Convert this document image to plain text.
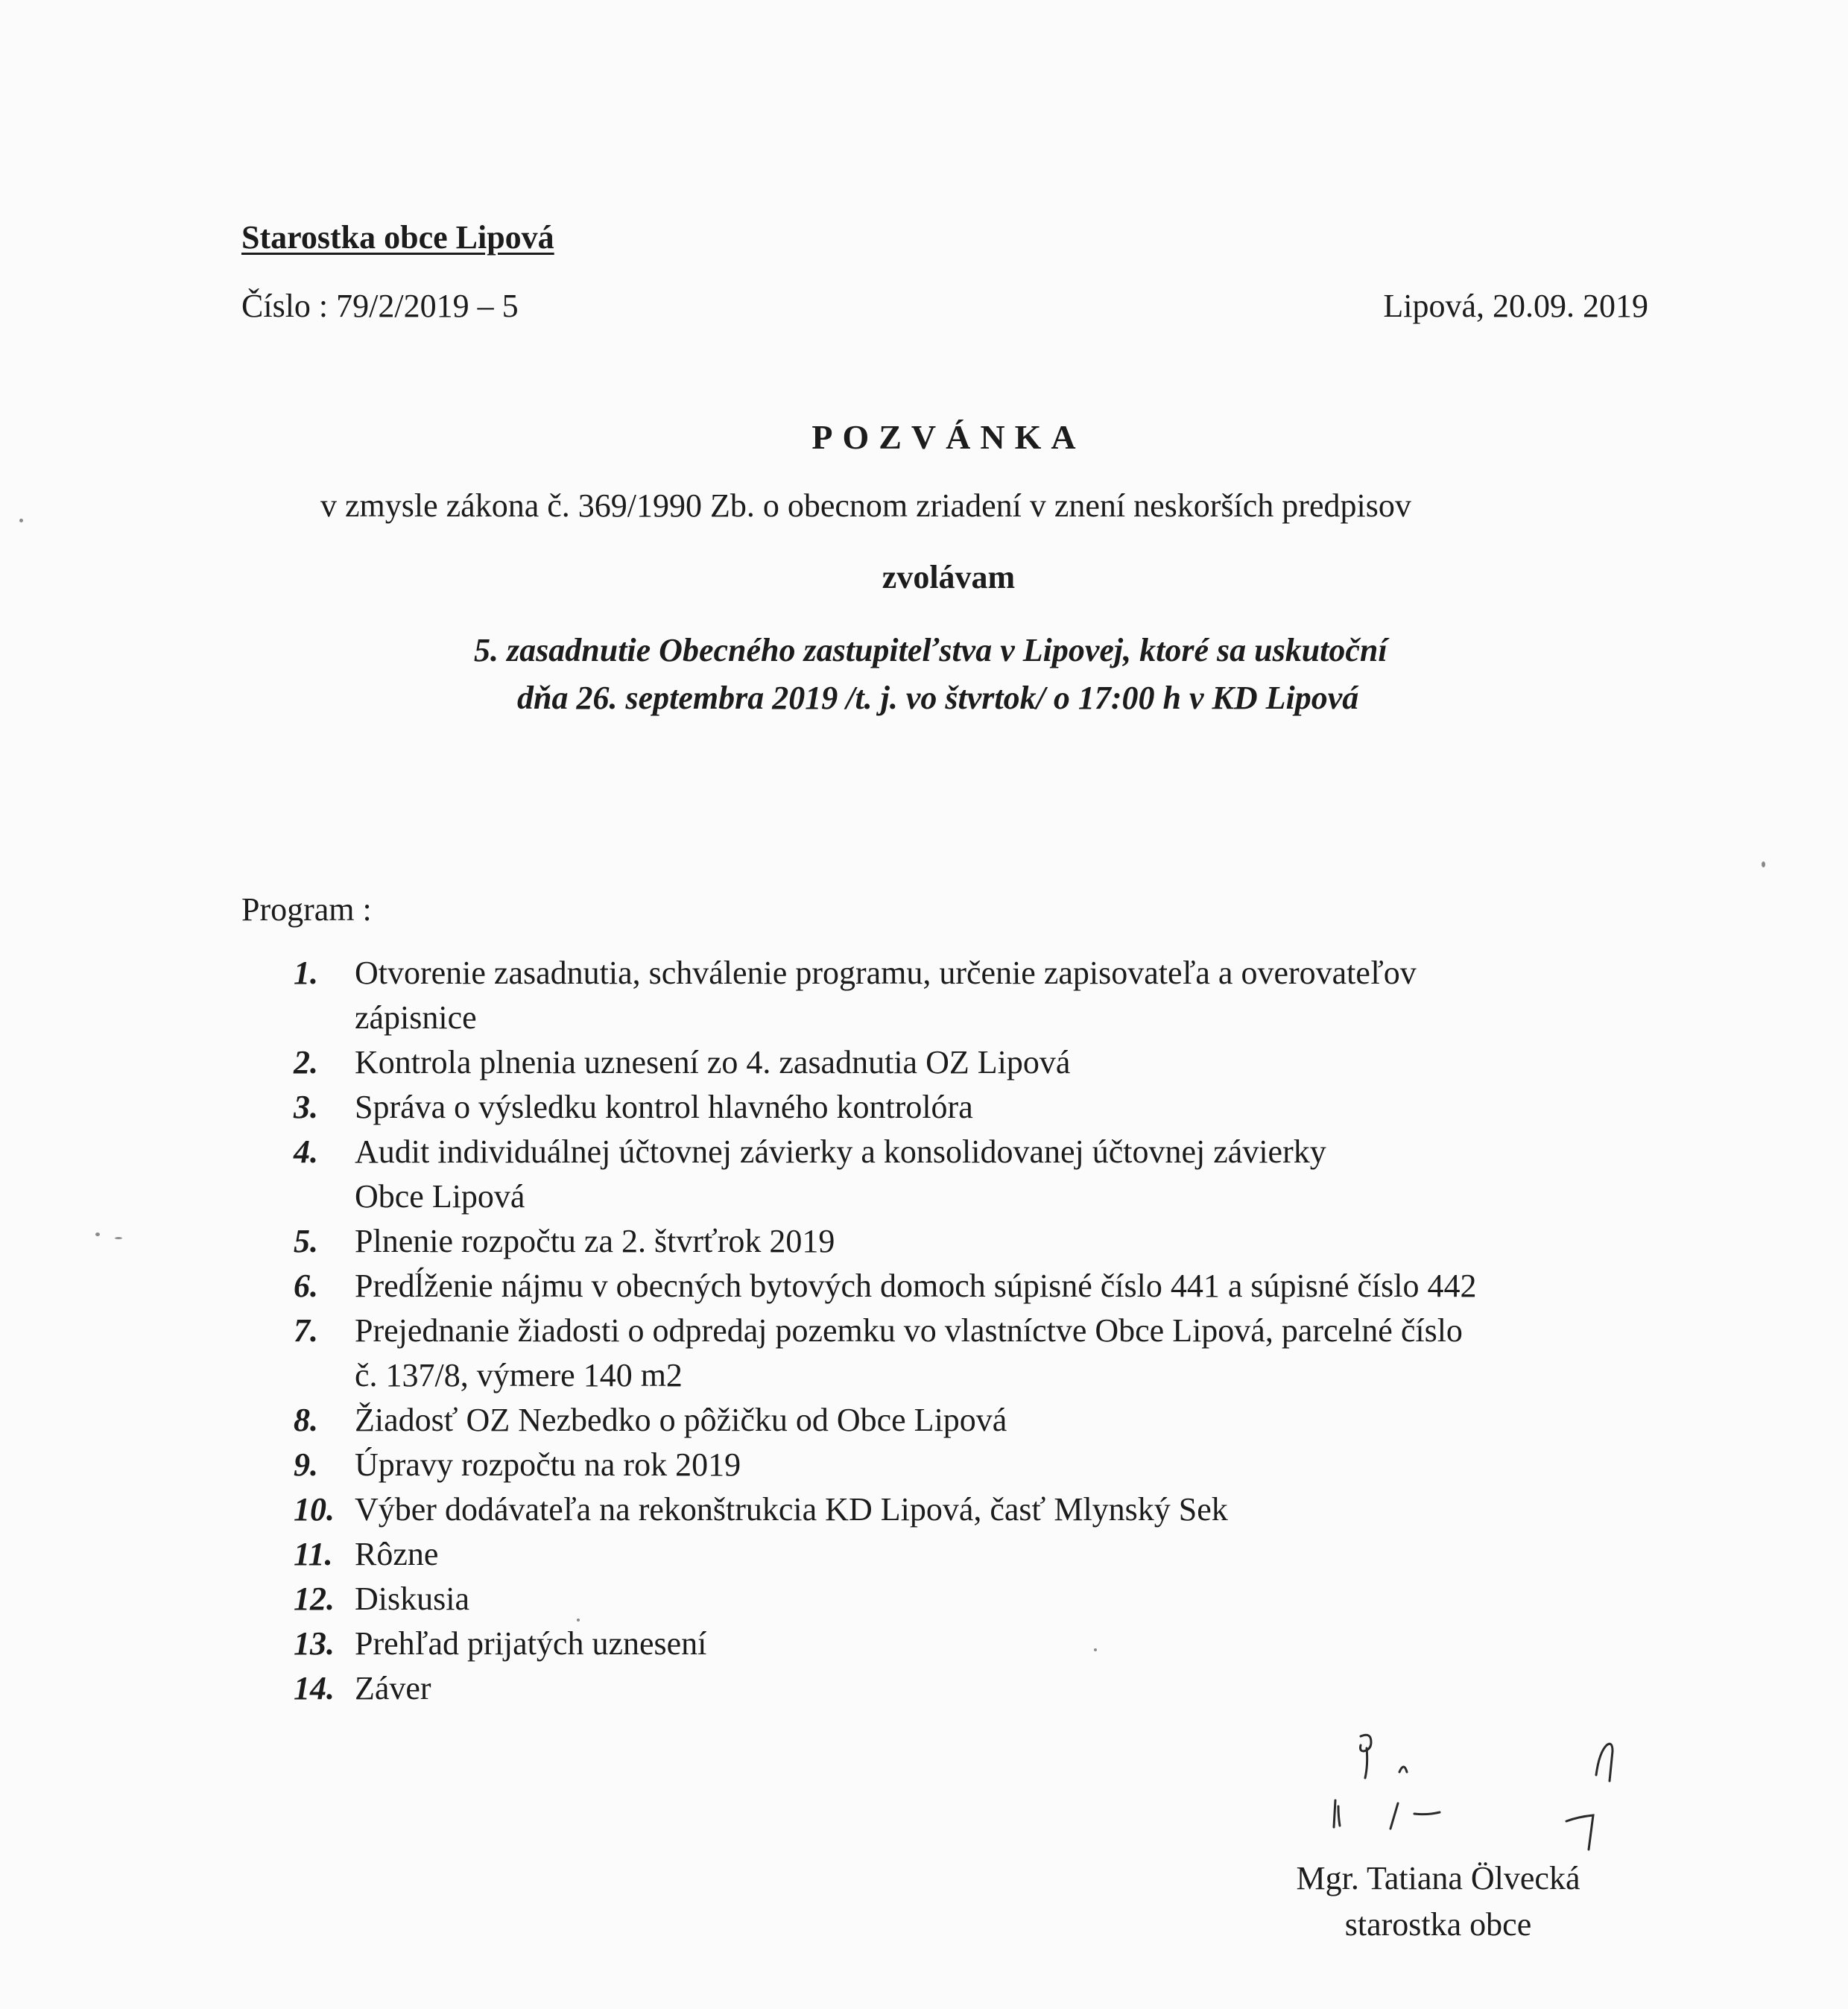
Starostka obce Lipová
Číslo : 79/2/2019 – 5	Lipová, 20.09. 2019
POZVÁNKA
v zmysle zákona č. 369/1990 Zb. o obecnom zriadení v znení neskorších predpisov
zvolávam
5. zasadnutie Obecného zastupiteľstva v Lipovej, ktoré sa uskutoční
dňa 26. septembra 2019 /t. j. vo štvrtok/ o 17:00 h v KD Lipová
Program :
1.	Otvorenie zasadnutia, schválenie programu, určenie zapisovateľa a overovateľov
zápisnice
2.	Kontrola plnenia uznesení zo 4. zasadnutia OZ Lipová
3.	Správa o výsledku kontrol hlavného kontrolóra
4.	Audit individuálnej účtovnej závierky a konsolidovanej účtovnej závierky
Obce Lipová
5.	Plnenie rozpočtu za 2. štvrťrok 2019
6.	Predĺženie nájmu v obecných bytových domoch súpisné číslo 441 a súpisné číslo 442
7.	Prejednanie žiadosti o odpredaj pozemku vo vlastníctve Obce Lipová, parcelné číslo
č. 137/8, výmere 140 m2
8.	Žiadosť OZ Nezbedko o pôžičku od Obce Lipová
9.	Úpravy rozpočtu na rok 2019
10. Výber dodávateľa na rekonštrukcia KD Lipová, časť Mlynský Sek
11. Rôzne
12. Diskusia
13. Prehľad prijatých uznesení
14. Záver
Mgr. Tatiana Ölvecká
starostka obce
